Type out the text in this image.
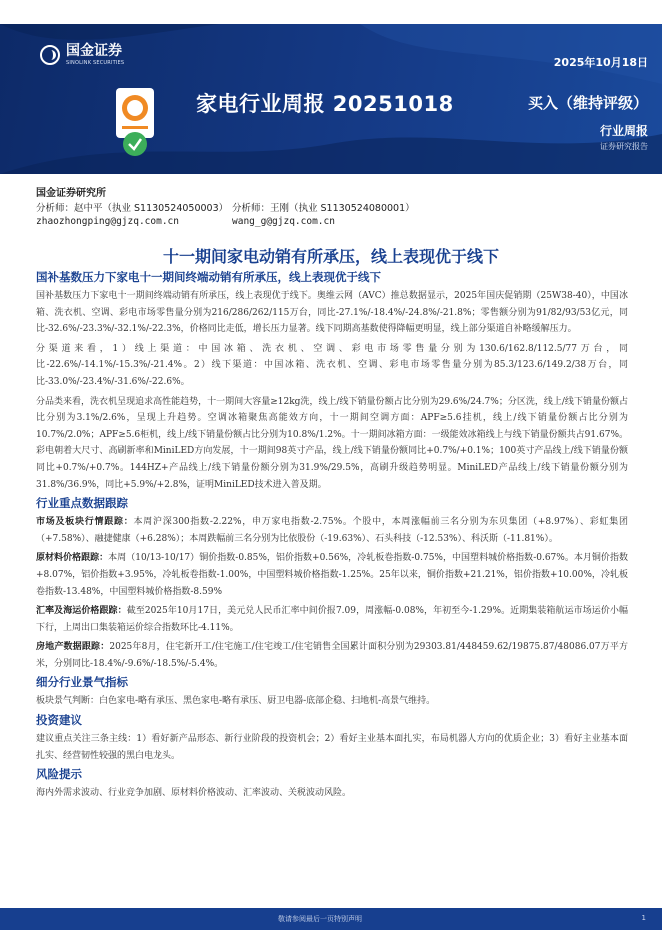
国金证券
SINOLINK SECURITIES	2025年10月18日
家电行业周报 20251018	买入（维持评级）
行业周报
证券研究报告
国金证券研究所
分析师：赵中平（执业 S1130524050003） 分析师：王刚（执业 S1130524080001）
zhaozhongping@gjzq.com.cn	wang_g@gjzq.com.cn
十一期间家电动销有所承压，线上表现优于线下
国补基数压力下家电十一期间终端动销有所承压，线上表现优于线下
国补基数压力下家电十一期间终端动销有所承压，线上表现优于线下。奥维云网（AVC）推总数据显示，2025年国庆促销期（25W38-40），中国冰箱、洗衣机、空调、彩电市场零售量分别为216/286/262/115万台，同比-27.1%/-18.4%/-24.8%/-21.8%；零售额分别为91/82/93/53亿元，同比-32.6%/-23.3%/-32.1%/-22.3%，价格同比走低，增长压力显著。线下同期高基数使得降幅更明显，线上部分渠道自补略缓解压力。
分渠道来看，1）线上渠道：中国冰箱、洗衣机、空调、彩电市场零售量分别为130.6/162.8/112.5/77万台，同比-22.6%/-14.1%/-15.3%/-21.4%。2）线下渠道：中国冰箱、洗衣机、空调、彩电市场零售量分别为85.3/123.6/149.2/38万台，同比-33.0%/-23.4%/-31.6%/-22.6%。
分品类来看，洗衣机呈现追求高性能趋势，十一期间大容量≥12kg洗，线上/线下销量份额占比分别为29.6%/24.7%；分区洗，线上/线下销量份额占比分别为3.1%/2.6%，呈现上升趋势。空调冰箱聚焦高能效方向，十一期间空调方面：APF≥5.6挂机，线上/线下销量份额占比分别为10.7%/2.0%；APF≥5.6柜机，线上/线下销量份额占比分别为10.8%/1.2%。十一期间冰箱方面：一级能效冰箱线上与线下销量份额共占91.67%。彩电朝着大尺寸、高刷新率和MiniLED方向发展，十一期间98英寸产品，线上/线下销量份额同比+0.7%/+0.1%；100英寸产品线上/线下销量份额同比+0.7%/+0.7%。144HZ+产品线上/线下销量份额分别为31.9%/29.5%，高刷升级趋势明显。MiniLED产品线上/线下销量份额分别为31.8%/36.9%，同比+5.9%/+2.8%，证明MiniLED技术进入普及期。
行业重点数据跟踪
市场及板块行情跟踪：本周沪深300指数-2.22%，申万家电指数-2.75%。个股中，本周涨幅前三名分别为东贝集团（+8.97%）、彩虹集团（+7.58%）、融捷健康（+6.28%）；本周跌幅前三名分别为比依股份（-19.63%）、石头科技（-12.53%）、科沃斯（-11.81%）。
原材料价格跟踪：本周（10/13-10/17）铜价指数-0.85%，铝价指数+0.56%，冷轧板卷指数-0.75%，中国塑料城价格指数-0.67%。本月铜价指数+8.07%，铝价指数+3.95%，冷轧板卷指数-1.00%，中国塑料城价格指数-1.25%。25年以来，铜价指数+21.21%，铝价指数+10.00%，冷轧板卷指数-13.48%，中国塑料城价格指数-8.59%
汇率及海运价格跟踪：截至2025年10月17日，美元兑人民币汇率中间价报7.09，周涨幅-0.08%，年初至今-1.29%。近期集装箱航运市场运价小幅下行，上周出口集装箱运价综合指数环比-4.11%。
房地产数据跟踪：2025年8月，住宅新开工/住宅施工/住宅竣工/住宅销售全国累计面积分别为29303.81/448459.62/19875.87/48086.07万平方米，分别同比-18.4%/-9.6%/-18.5%/-5.4%。
细分行业景气指标
板块景气判断：白色家电-略有承压、黑色家电-略有承压、厨卫电器-底部企稳、扫地机-高景气维持。
投资建议
建议重点关注三条主线：1）看好新产品形态、新行业阶段的投资机会；2）看好主业基本面扎实，布局机器人方向的优质企业；3）看好主业基本面扎实、经营韧性较强的黑白电龙头。
风险提示
海内外需求波动、行业竞争加剧、原材料价格波动、汇率波动、关税波动风险。
敬请参阅最后一页特别声明	1
